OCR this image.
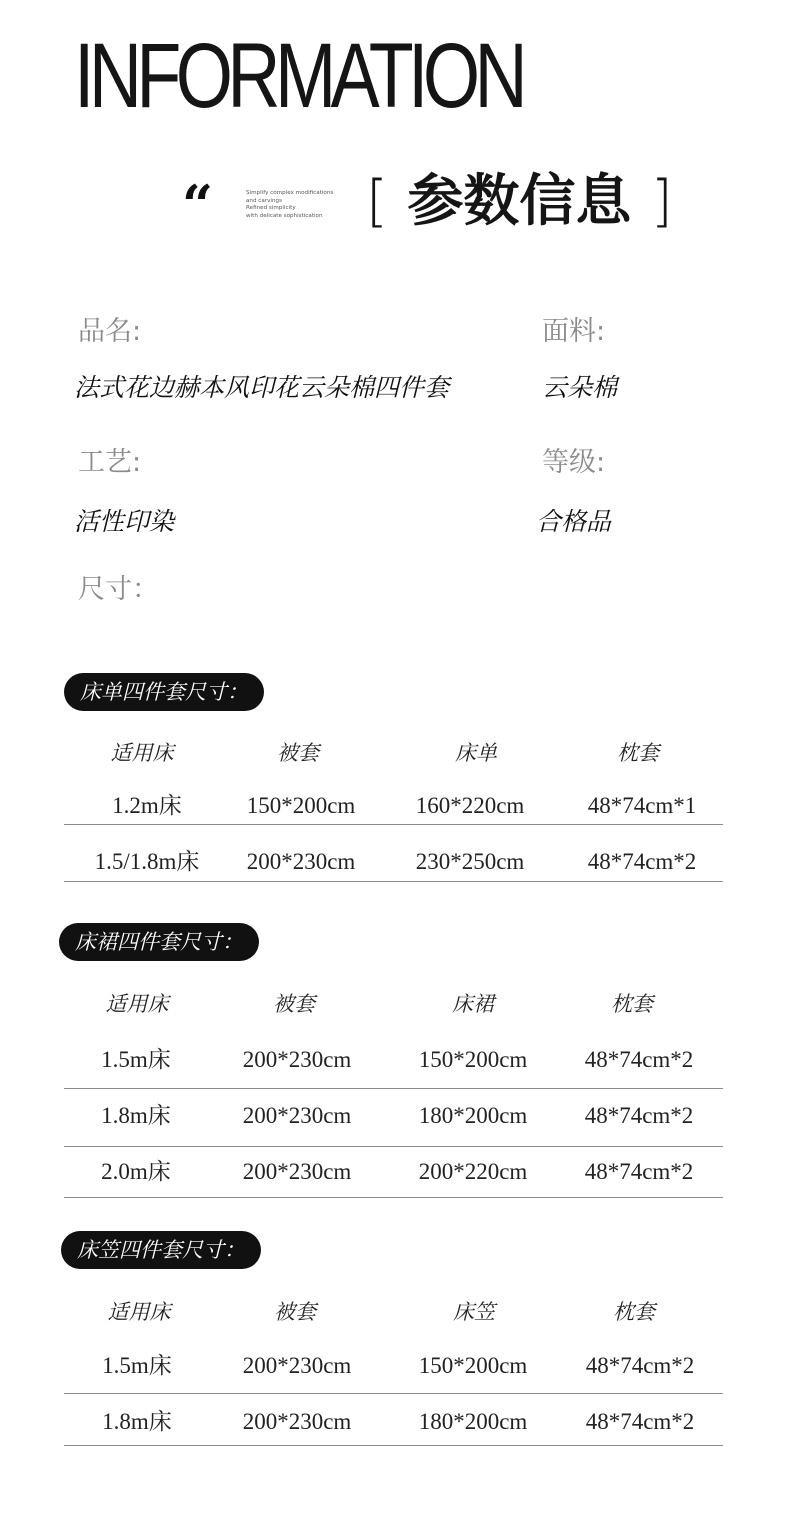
INFORMATION
“	Simplify complex modifications
and carvings
Refined simplicity
with delicate sophistication [ 参数信息 ]
品名:	面料:
法式花边赫本风印花云朵棉四件套	云朵棉
工艺:	等级:
活性印染	合格品
尺寸：
床单四件套尺寸：
适用床	被套	床单	枕套
1.2m床	150*200cm	160*220cm	48*74cm*1
1.5/1.8m床	200*230cm	230*250cm	48*74cm*2
床裙四件套尺寸：
适用床	被套	床裙	枕套
1.5m床	200*230cm	150*200cm	48*74cm*2
1.8m床	200*230cm	180*200cm	48*74cm*2
2.0m床	200*230cm	200*220cm	48*74cm*2
床笠四件套尺寸：
适用床	被套	床笠	枕套
1.5m床	200*230cm	150*200cm	48*74cm*2
1.8m床	200*230cm	180*200cm	48*74cm*2
